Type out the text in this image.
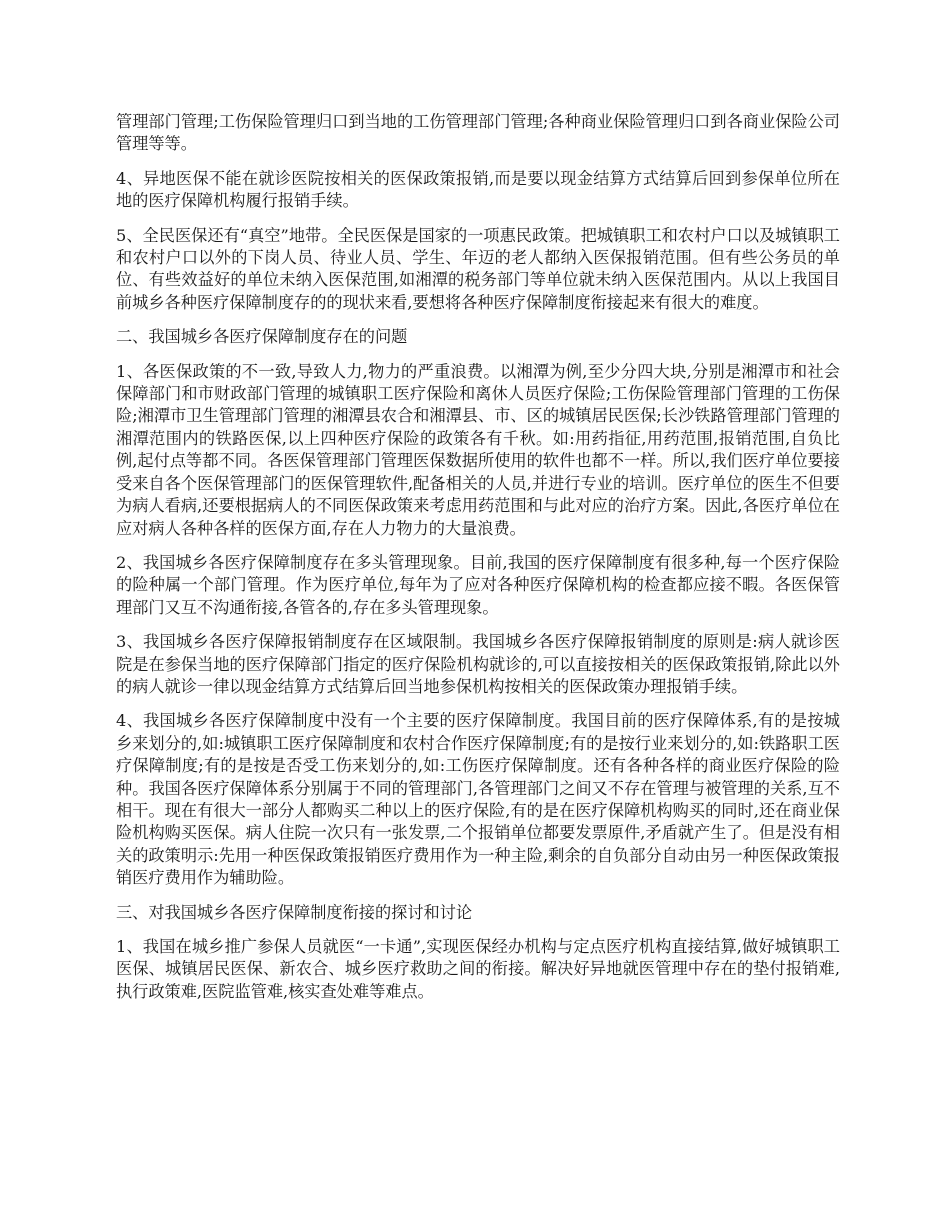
管理部门管理;工伤保险管理归口到当地的工伤管理部门管理;各种商业保险管理归口到各商业保险公司管理等等。

4、异地医保不能在就诊医院按相关的医保政策报销,而是要以现金结算方式结算后回到参保单位所在地的医疗保障机构履行报销手续。

5、全民医保还有“真空”地带。全民医保是国家的一项惠民政策。把城镇职工和农村户口以及城镇职工和农村户口以外的下岗人员、待业人员、学生、年迈的老人都纳入医保报销范围。但有些公务员的单位、有些效益好的单位未纳入医保范围,如湘潭的税务部门等单位就未纳入医保范围内。从以上我国目前城乡各种医疗保障制度存的的现状来看,要想将各种医疗保障制度衔接起来有很大的难度。

二、我国城乡各医疗保障制度存在的问题

1、各医保政策的不一致,导致人力,物力的严重浪费。以湘潭为例,至少分四大块,分别是湘潭市和社会保障部门和市财政部门管理的城镇职工医疗保险和离休人员医疗保险;工伤保险管理部门管理的工伤保险;湘潭市卫生管理部门管理的湘潭县农合和湘潭县、市、区的城镇居民医保;长沙铁路管理部门管理的湘潭范围内的铁路医保,以上四种医疗保险的政策各有千秋。如:用药指征,用药范围,报销范围,自负比例,起付点等都不同。各医保管理部门管理医保数据所使用的软件也都不一样。所以,我们医疗单位要接受来自各个医保管理部门的医保管理软件,配备相关的人员,并进行专业的培训。医疗单位的医生不但要为病人看病,还要根据病人的不同医保政策来考虑用药范围和与此对应的治疗方案。因此,各医疗单位在应对病人各种各样的医保方面,存在人力物力的大量浪费。

2、我国城乡各医疗保障制度存在多头管理现象。目前,我国的医疗保障制度有很多种,每一个医疗保险的险种属一个部门管理。作为医疗单位,每年为了应对各种医疗保障机构的检查都应接不暇。各医保管理部门又互不沟通衔接,各管各的,存在多头管理现象。

3、我国城乡各医疗保障报销制度存在区域限制。我国城乡各医疗保障报销制度的原则是:病人就诊医院是在参保当地的医疗保障部门指定的医疗保险机构就诊的,可以直接按相关的医保政策报销,除此以外的病人就诊一律以现金结算方式结算后回当地参保机构按相关的医保政策办理报销手续。

4、我国城乡各医疗保障制度中没有一个主要的医疗保障制度。我国目前的医疗保障体系,有的是按城乡来划分的,如:城镇职工医疗保障制度和农村合作医疗保障制度;有的是按行业来划分的,如:铁路职工医疗保障制度;有的是按是否受工伤来划分的,如:工伤医疗保障制度。还有各种各样的商业医疗保险的险种。我国各医疗保障体系分别属于不同的管理部门,各管理部门之间又不存在管理与被管理的关系,互不相干。现在有很大一部分人都购买二种以上的医疗保险,有的是在医疗保障机构购买的同时,还在商业保险机构购买医保。病人住院一次只有一张发票,二个报销单位都要发票原件,矛盾就产生了。但是没有相关的政策明示:先用一种医保政策报销医疗费用作为一种主险,剩余的自负部分自动由另一种医保政策报销医疗费用作为辅助险。

三、对我国城乡各医疗保障制度衔接的探讨和讨论

1、我国在城乡推广参保人员就医“一卡通”,实现医保经办机构与定点医疗机构直接结算,做好城镇职工医保、城镇居民医保、新农合、城乡医疗救助之间的衔接。解决好异地就医管理中存在的垫付报销难,执行政策难,医院监管难,核实查处难等难点。
